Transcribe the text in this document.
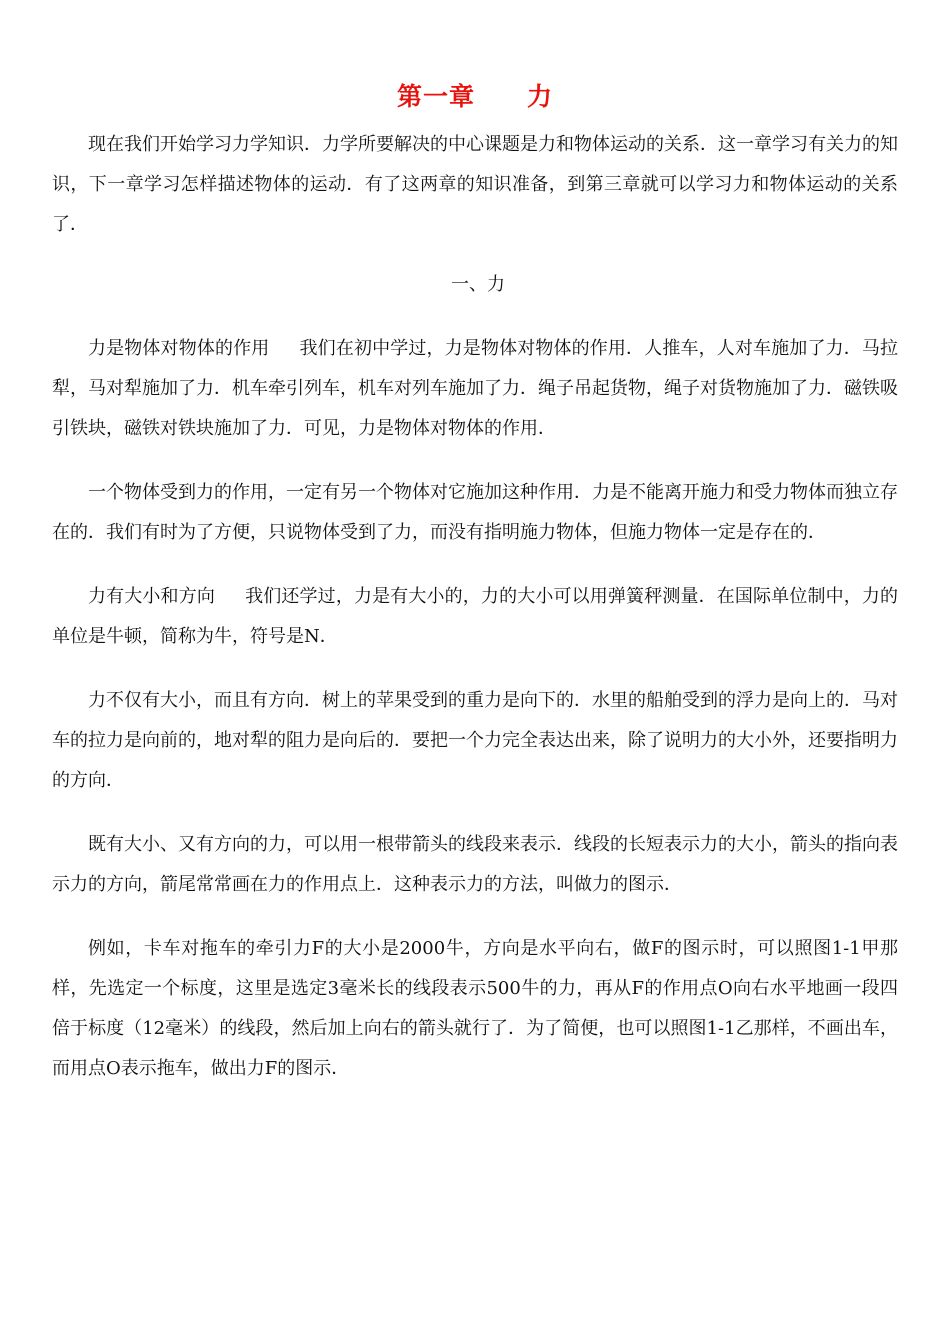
第一章　　力

现在我们开始学习力学知识．力学所要解决的中心课题是力和物体运动的关系．这一章学习有关力的知识，下一章学习怎样描述物体的运动．有了这两章的知识准备，到第三章就可以学习力和物体运动的关系了．

一、力

力是物体对物体的作用 我们在初中学过，力是物体对物体的作用．人推车，人对车施加了力．马拉犁，马对犁施加了力．机车牵引列车，机车对列车施加了力．绳子吊起货物，绳子对货物施加了力．磁铁吸引铁块，磁铁对铁块施加了力．可见，力是物体对物体的作用．

一个物体受到力的作用，一定有另一个物体对它施加这种作用．力是不能离开施力和受力物体而独立存在的．我们有时为了方便，只说物体受到了力，而没有指明施力物体，但施力物体一定是存在的．

力有大小和方向 我们还学过，力是有大小的，力的大小可以用弹簧秤测量．在国际单位制中，力的单位是牛顿，简称为牛，符号是N．

力不仅有大小，而且有方向．树上的苹果受到的重力是向下的．水里的船舶受到的浮力是向上的．马对车的拉力是向前的，地对犁的阻力是向后的．要把一个力完全表达出来，除了说明力的大小外，还要指明力的方向．

既有大小、又有方向的力，可以用一根带箭头的线段来表示．线段的长短表示力的大小，箭头的指向表示力的方向，箭尾常常画在力的作用点上．这种表示力的方法，叫做力的图示．

例如，卡车对拖车的牵引力F的大小是2000牛，方向是水平向右，做F的图示时，可以照图1-1甲那样，先选定一个标度，这里是选定3毫米长的线段表示500牛的力，再从F的作用点O向右水平地画一段四倍于标度（12毫米）的线段，然后加上向右的箭头就行了．为了简便，也可以照图1-1乙那样，不画出车，而用点O表示拖车，做出力F的图示．
